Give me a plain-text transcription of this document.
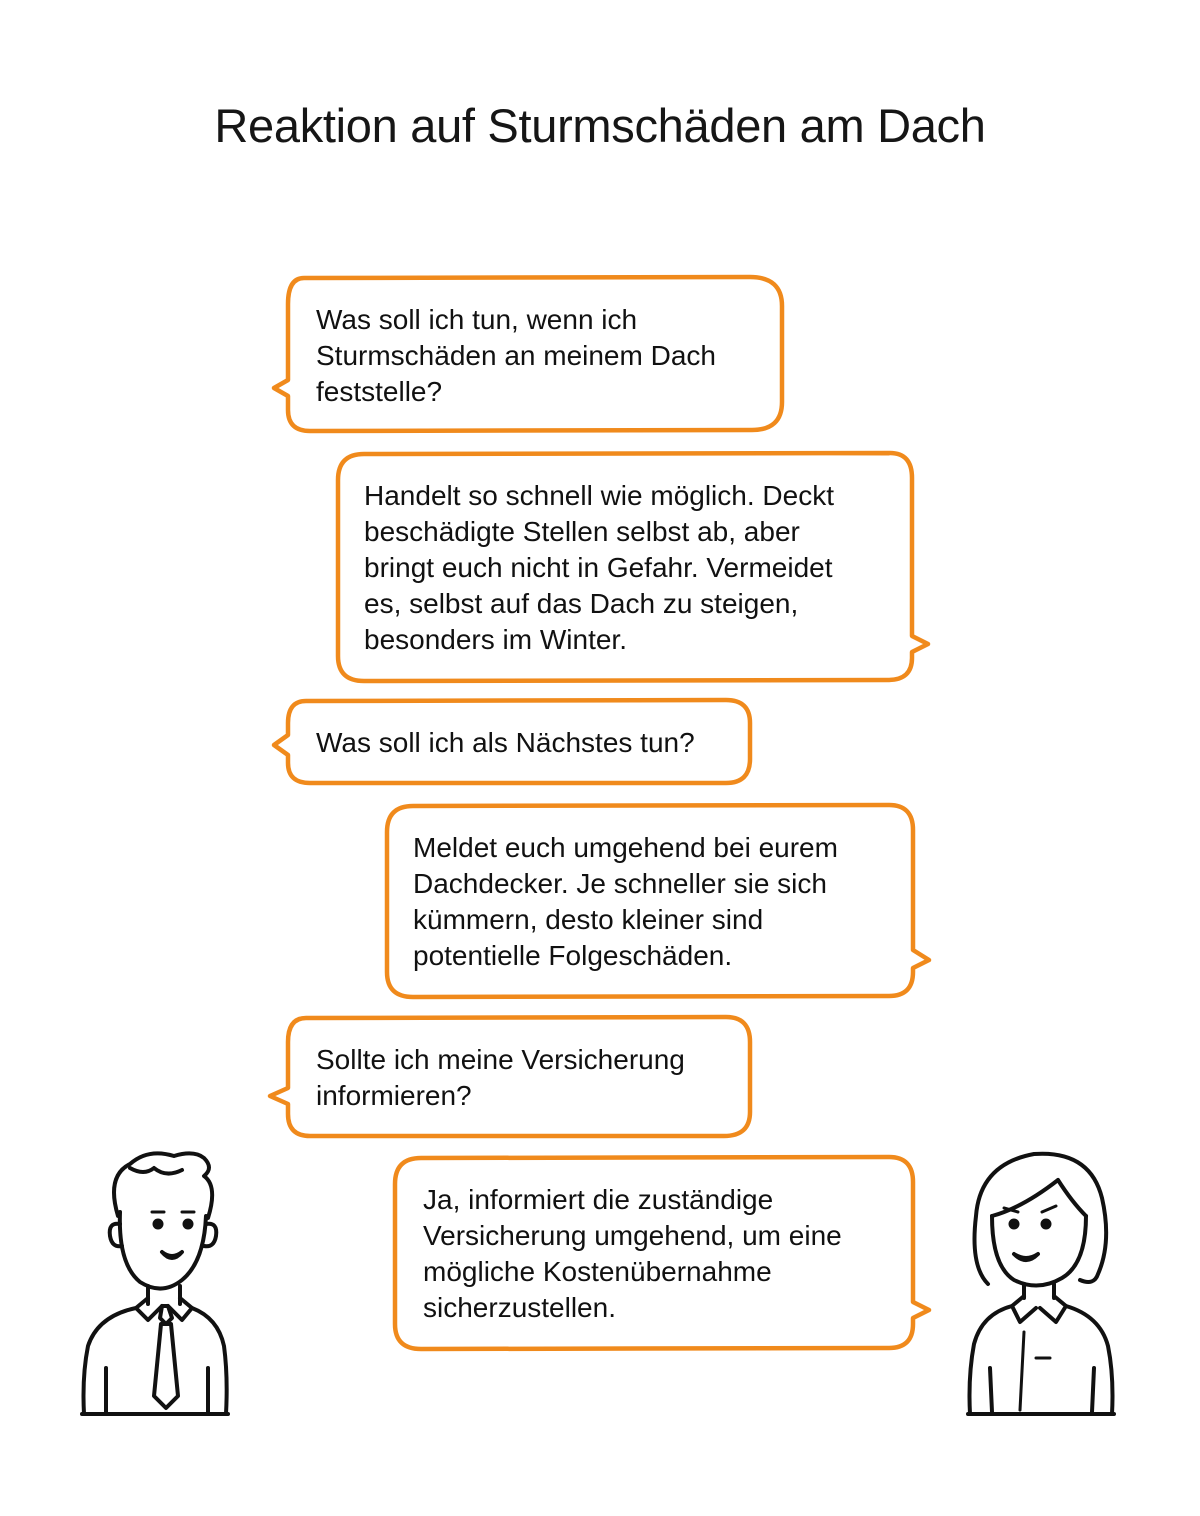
Reaktion auf Sturmschäden am Dach

Was soll ich tun, wenn ich
Sturmschäden an meinem Dach
feststelle?

Handelt so schnell wie möglich. Deckt
beschädigte Stellen selbst ab, aber
bringt euch nicht in Gefahr. Vermeidet
es, selbst auf das Dach zu steigen,
besonders im Winter.

Was soll ich als Nächstes tun?

Meldet euch umgehend bei eurem
Dachdecker. Je schneller sie sich
kümmern, desto kleiner sind
potentielle Folgeschäden.

Sollte ich meine Versicherung
informieren?

Ja, informiert die zuständige
Versicherung umgehend, um eine
mögliche Kostenübernahme
sicherzustellen.
